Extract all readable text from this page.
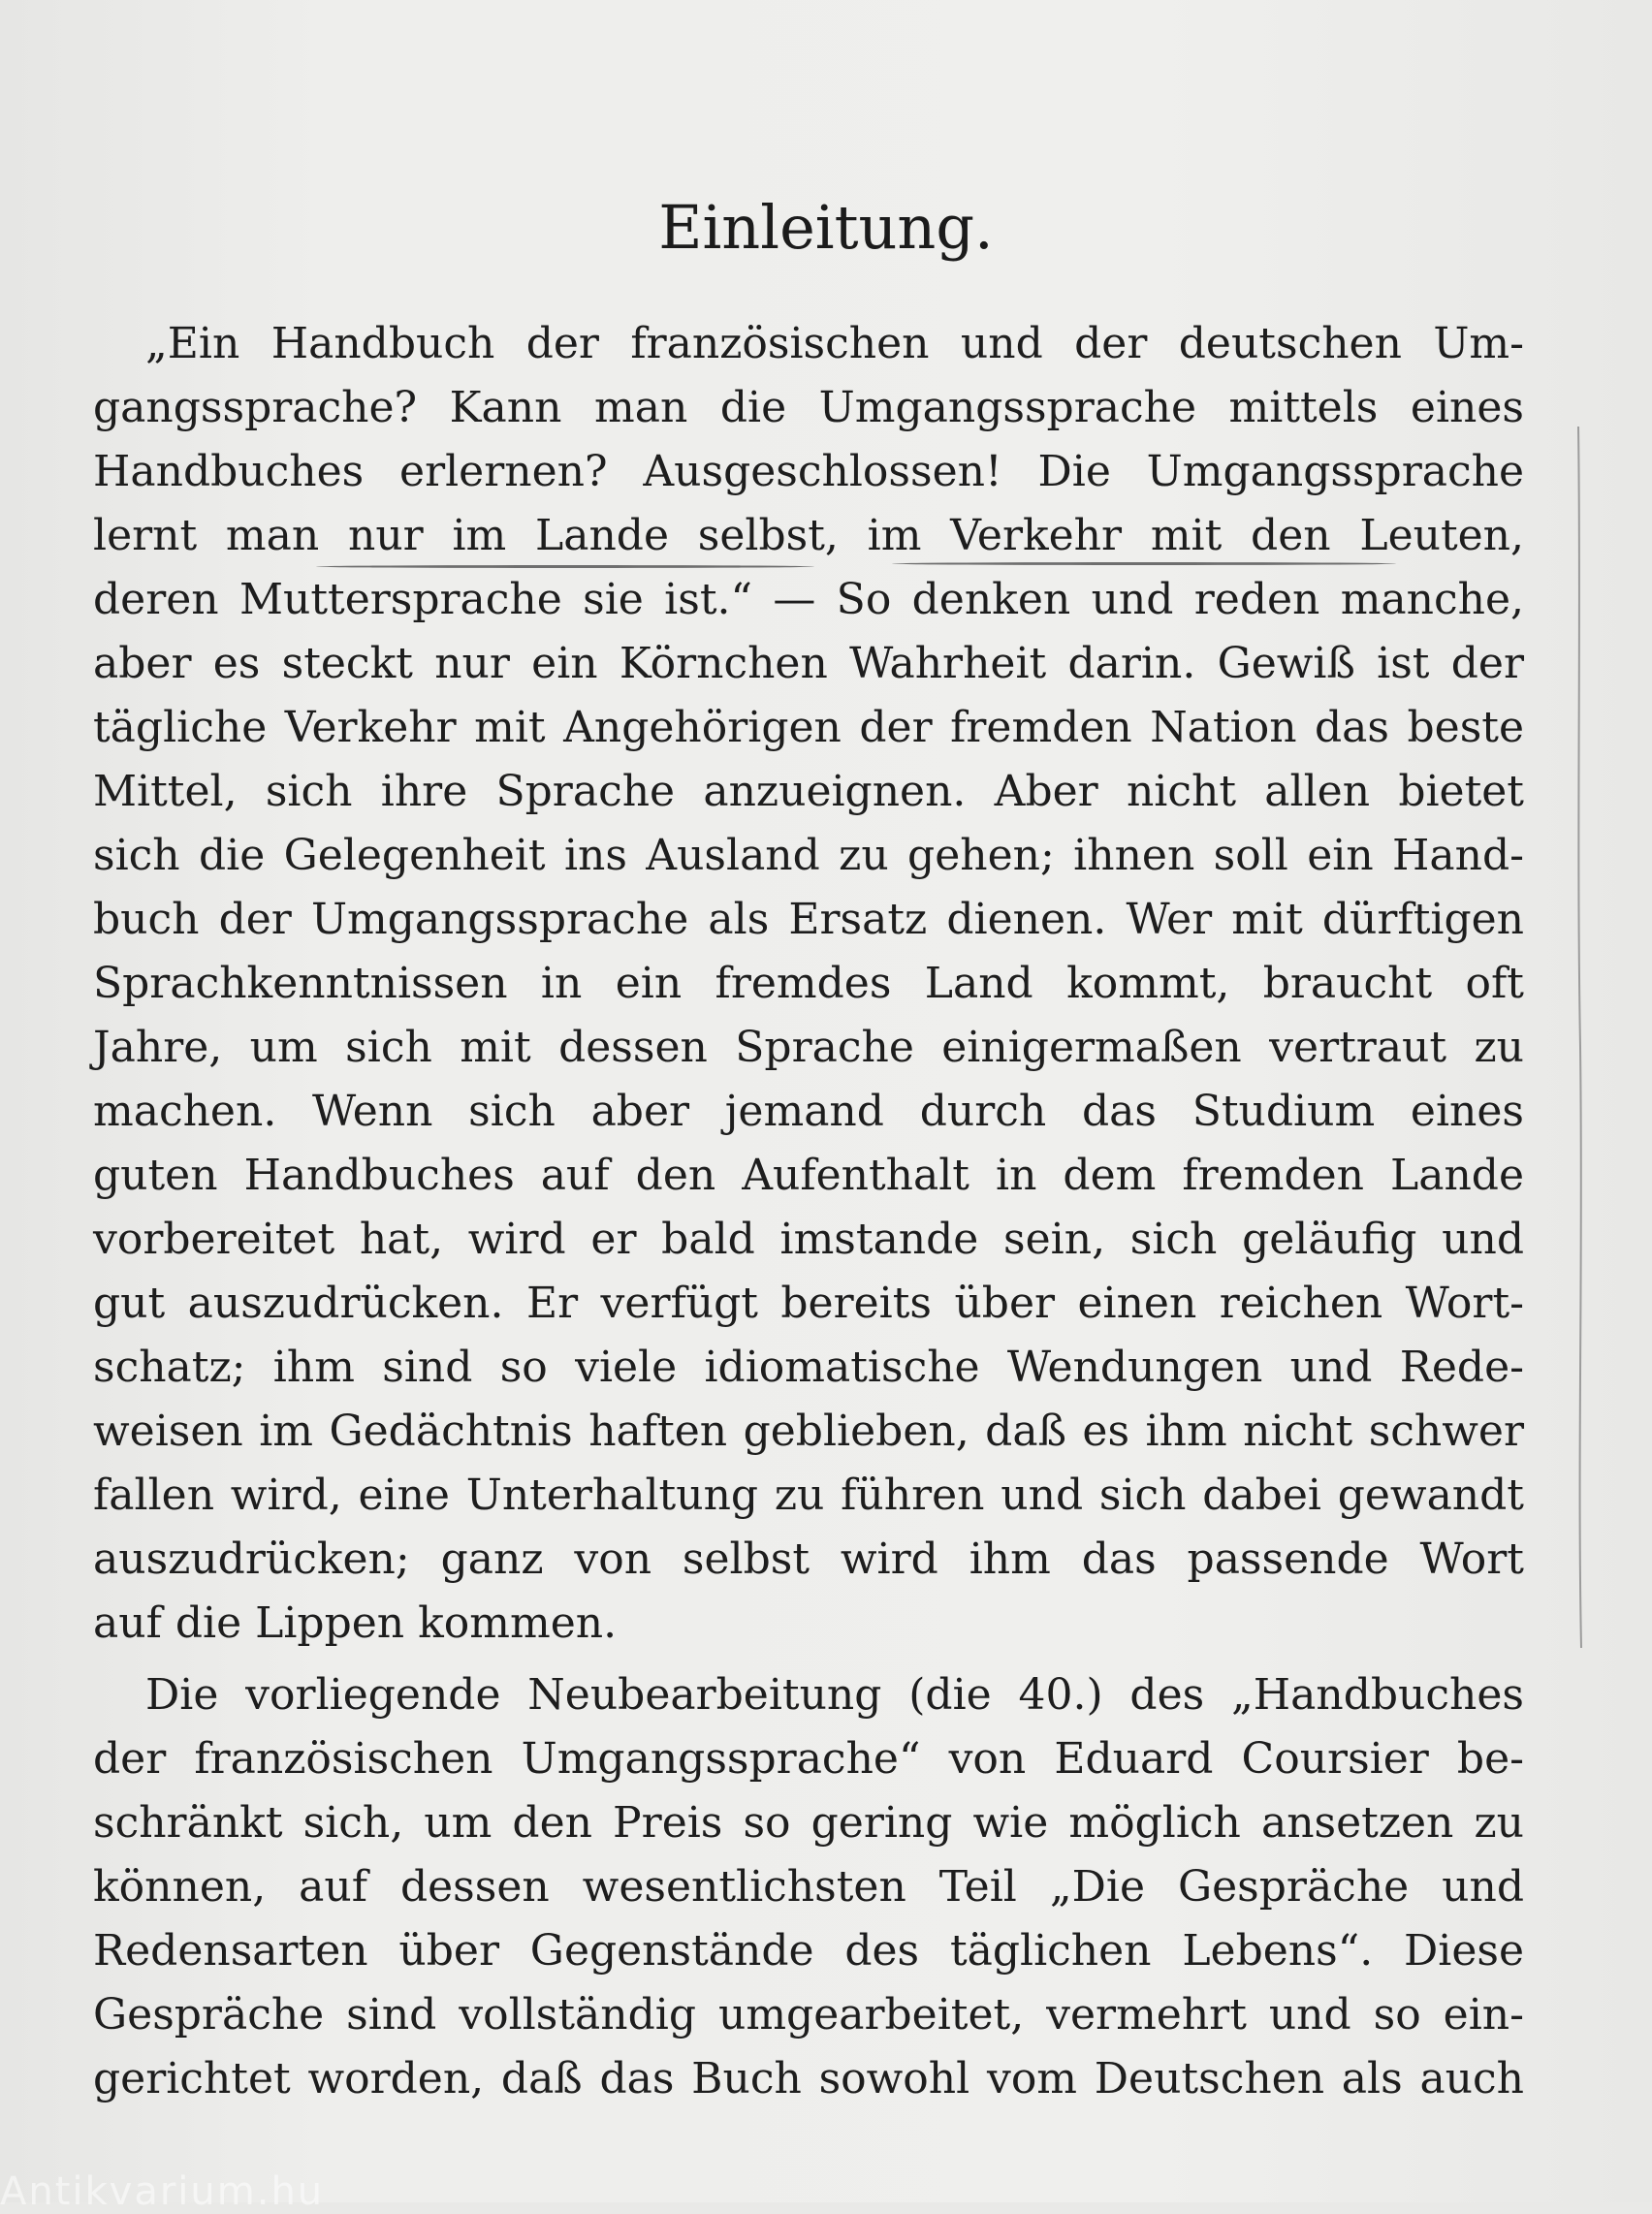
Einleitung.
„Ein Handbuch der französischen und der deutschen Um-
gangssprache? Kann man die Umgangssprache mittels eines
Handbuches erlernen? Ausgeschlossen! Die Umgangssprache
lernt man nur im Lande selbst, im Verkehr mit den Leuten,
deren Muttersprache sie ist.“ — So denken und reden manche,
aber es steckt nur ein Körnchen Wahrheit darin. Gewiß ist der
tägliche Verkehr mit Angehörigen der fremden Nation das beste
Mittel, sich ihre Sprache anzueignen. Aber nicht allen bietet
sich die Gelegenheit ins Ausland zu gehen; ihnen soll ein Hand-
buch der Umgangssprache als Ersatz dienen. Wer mit dürftigen
Sprachkenntnissen in ein fremdes Land kommt, braucht oft
Jahre, um sich mit dessen Sprache einigermaßen vertraut zu
machen. Wenn sich aber jemand durch das Studium eines
guten Handbuches auf den Aufenthalt in dem fremden Lande
vorbereitet hat, wird er bald imstande sein, sich geläufig und
gut auszudrücken. Er verfügt bereits über einen reichen Wort-
schatz; ihm sind so viele idiomatische Wendungen und Rede-
weisen im Gedächtnis haften geblieben, daß es ihm nicht schwer
fallen wird, eine Unterhaltung zu führen und sich dabei gewandt
auszudrücken; ganz von selbst wird ihm das passende Wort
auf die Lippen kommen.
Die vorliegende Neubearbeitung (die 40.) des „Handbuches
der französischen Umgangssprache“ von Eduard Coursier be-
schränkt sich, um den Preis so gering wie möglich ansetzen zu
können, auf dessen wesentlichsten Teil „Die Gespräche und
Redensarten über Gegenstände des täglichen Lebens“. Diese
Gespräche sind vollständig umgearbeitet, vermehrt und so ein-
gerichtet worden, daß das Buch sowohl vom Deutschen als auch
Antikvarium.hu
